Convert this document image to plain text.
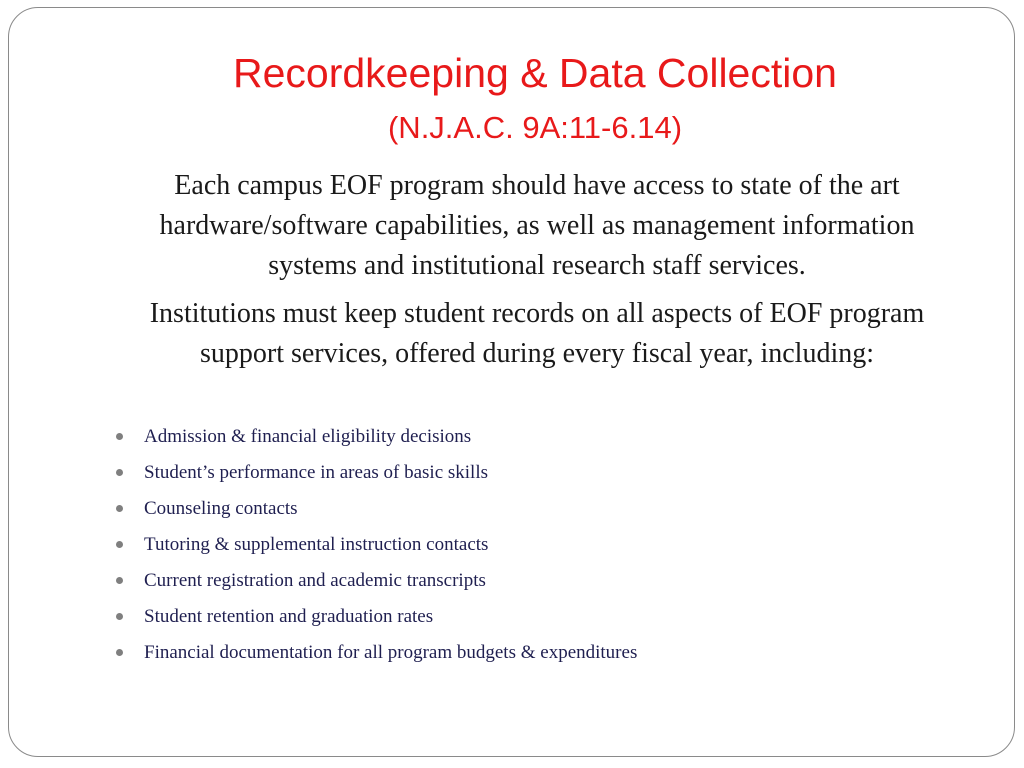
Recordkeeping & Data Collection
(N.J.A.C. 9A:11-6.14)

Each campus EOF program should have access to state of the art hardware/software capabilities, as well as management information systems and institutional research staff services.

Institutions must keep student records on all aspects of EOF program support services, offered during every fiscal year, including:

Admission & financial eligibility decisions
Student’s performance in areas of basic skills
Counseling contacts
Tutoring & supplemental instruction contacts
Current registration and academic transcripts
Student retention and graduation rates
Financial documentation for all program budgets & expenditures
